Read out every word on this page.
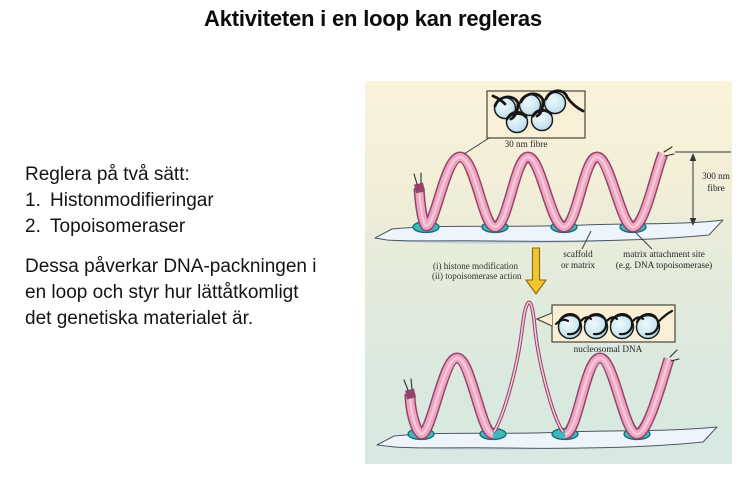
Aktiviteten i en loop kan regleras
Reglera på två sätt:
1. Histonmodifieringar
2. Topoisomeraser
Dessa påverkar DNA-packningen i
en loop och styr hur lättåtkomligt
det genetiska materialet är.
30 nm fibre
300 nm
fibre
scaffold
or matrix
matrix attachment site
(e.g. DNA topoisomerase)
(i) histone modification
(ii) topoisomerase action
nucleosomal DNA
